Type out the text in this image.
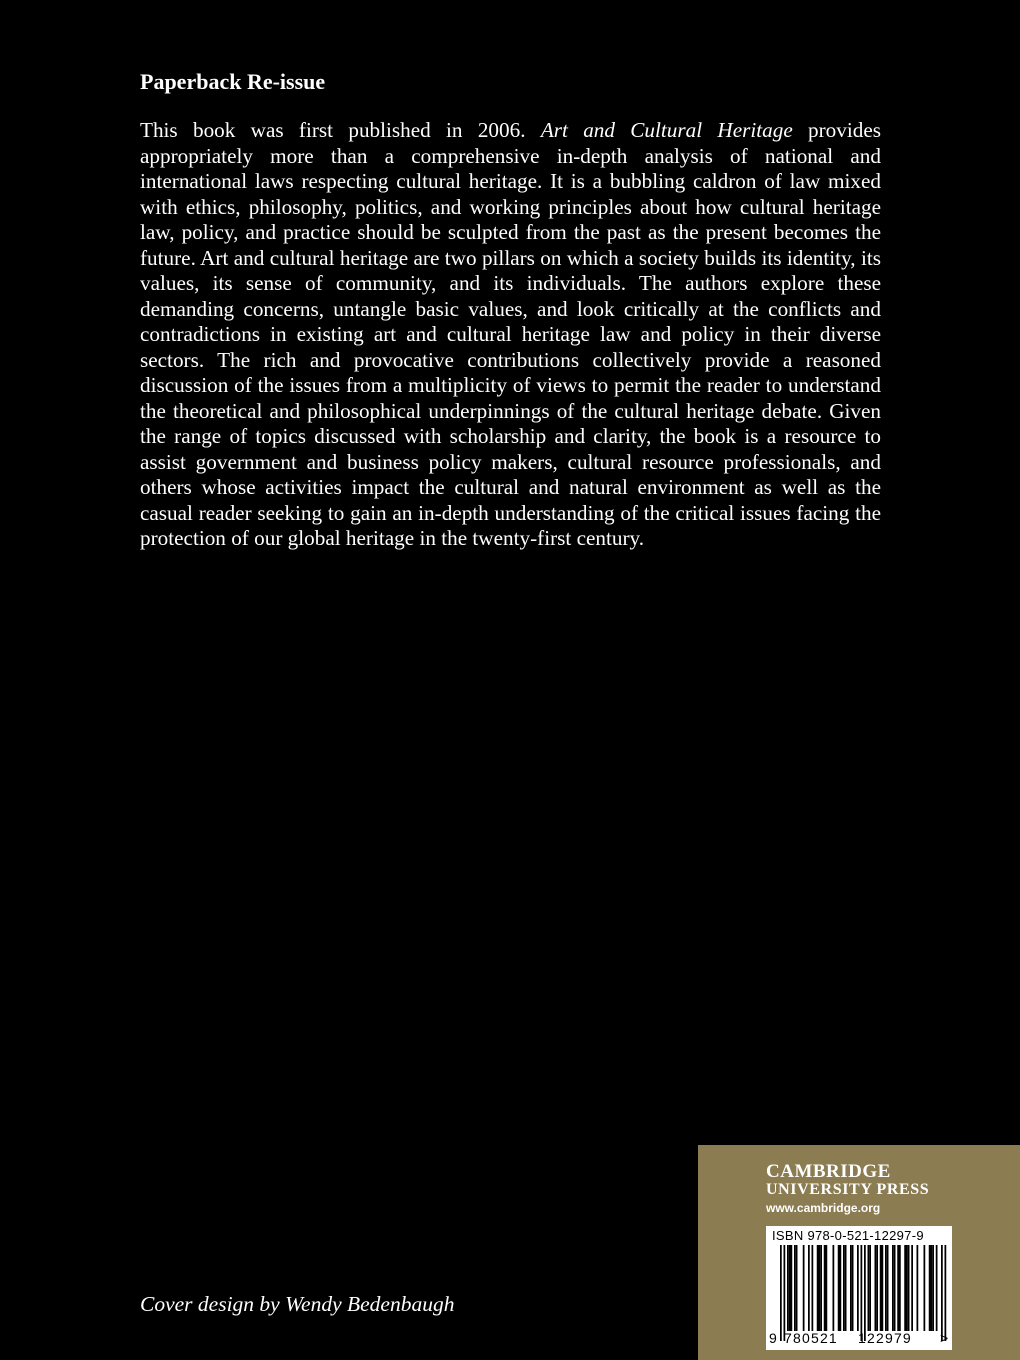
Paperback Re-issue

This book was first published in 2006. Art and Cultural Heritage provides appropriately more than a comprehensive in-depth analysis of national and international laws respecting cultural heritage. It is a bubbling caldron of law mixed with ethics, philosophy, politics, and working principles about how cultural heritage law, policy, and practice should be sculpted from the past as the present becomes the future. Art and cultural heritage are two pillars on which a society builds its identity, its values, its sense of community, and its individuals. The authors explore these demanding concerns, untangle basic values, and look critically at the conflicts and contradictions in existing art and cultural heritage law and policy in their diverse sectors. The rich and provocative contributions collectively provide a reasoned discussion of the issues from a multiplicity of views to permit the reader to understand the theoretical and philosophical underpinnings of the cultural heritage debate. Given the range of topics discussed with scholarship and clarity, the book is a resource to assist government and business policy makers, cultural resource professionals, and others whose activities impact the cultural and natural environment as well as the casual reader seeking to gain an in-depth understanding of the critical issues facing the protection of our global heritage in the twenty-first century.

Cover design by Wendy Bedenbaugh
cambridge
UNIVERSITY PRESS
www.cambridge.org
ISBN 978-0-521-12297-9
9 780521 122979 >
